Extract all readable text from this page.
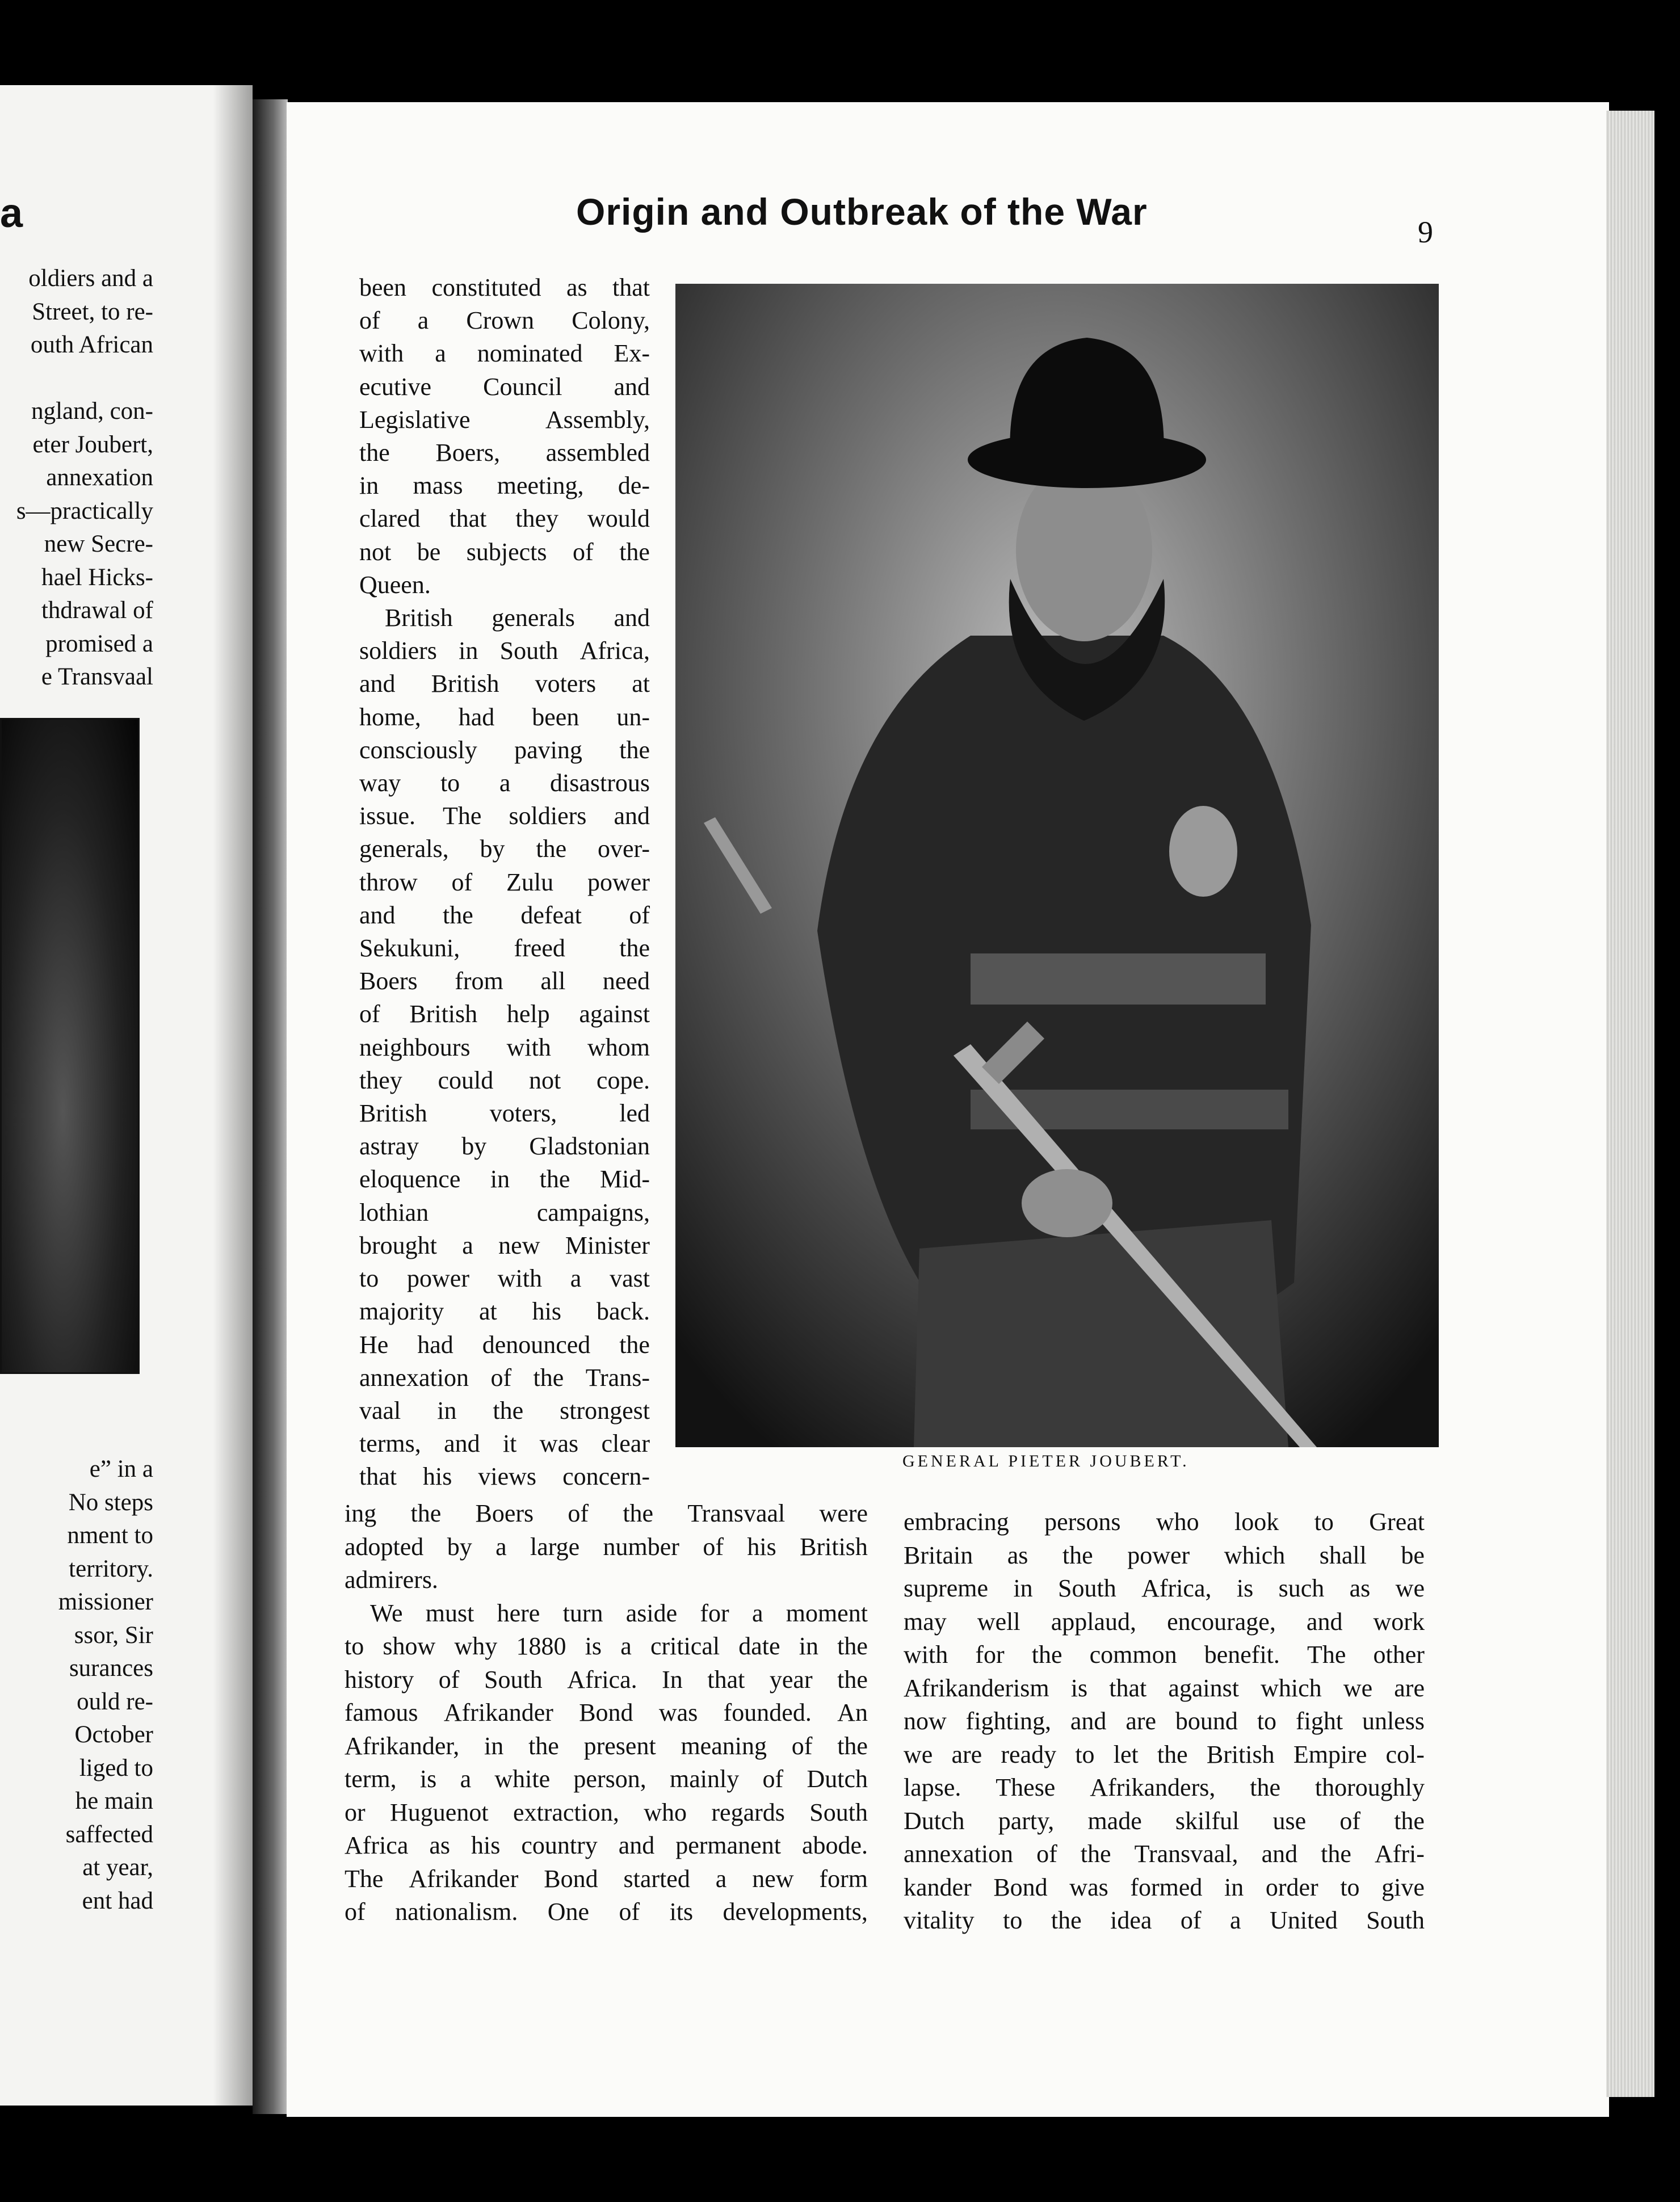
a
oldiers and a
Street, to re-
outh African

ngland, con-
eter Joubert,
annexation
s—practically
new Secre-
hael Hicks-
thdrawal of
promised a
e Transvaal
e” in a
No steps
nment to
territory.
missioner
ssor, Sir
surances
ould re-
October
liged to
he main
saffected
at year,
ent had
Origin and Outbreak of the War	9
been constituted as that
of a Crown Colony,
with a nominated Ex-
ecutive Council and
Legislative	Assembly,
the Boers, assembled
in mass meeting, de-
clared that they would
not be subjects of the
Queen.
British generals and
soldiers in South Africa,
and British voters at
home, had been un-
consciously paving the
way to a disastrous
issue. The soldiers and
generals, by the over-
throw of Zulu power
and the defeat of
Sekukuni, freed the
Boers from all need
of British help against
neighbours with whom
they could not cope.
British voters, led
astray by Gladstonian
eloquence in the Mid-
lothian	campaigns,
brought a new Minister
to power with a vast
majority at his back.
He had denounced the
annexation of the Trans-
vaal in the strongest
terms, and it was clear
that his views concern-
GENERAL PIETER JOUBERT.
ing the Boers of the Transvaal were
adopted by a large number of his British
admirers.
We must here turn aside for a moment
to show why 1880 is a critical date in the
history of South Africa. In that year the
famous Afrikander Bond was founded. An
Afrikander, in the present meaning of the
term, is a white person, mainly of Dutch
or Huguenot extraction, who regards South
Africa as his country and permanent abode.
The Afrikander Bond started a new form
of nationalism. One of its developments,
embracing persons who look to Great
Britain as the power which shall be
supreme in South Africa, is such as we
may well applaud, encourage, and work
with for the common benefit. The other
Afrikanderism is that against which we are
now fighting, and are bound to fight unless
we are ready to let the British Empire col-
lapse. These Afrikanders, the thoroughly
Dutch party, made skilful use of the
annexation of the Transvaal, and the Afri-
kander Bond was formed in order to give
vitality to the idea of a United South
